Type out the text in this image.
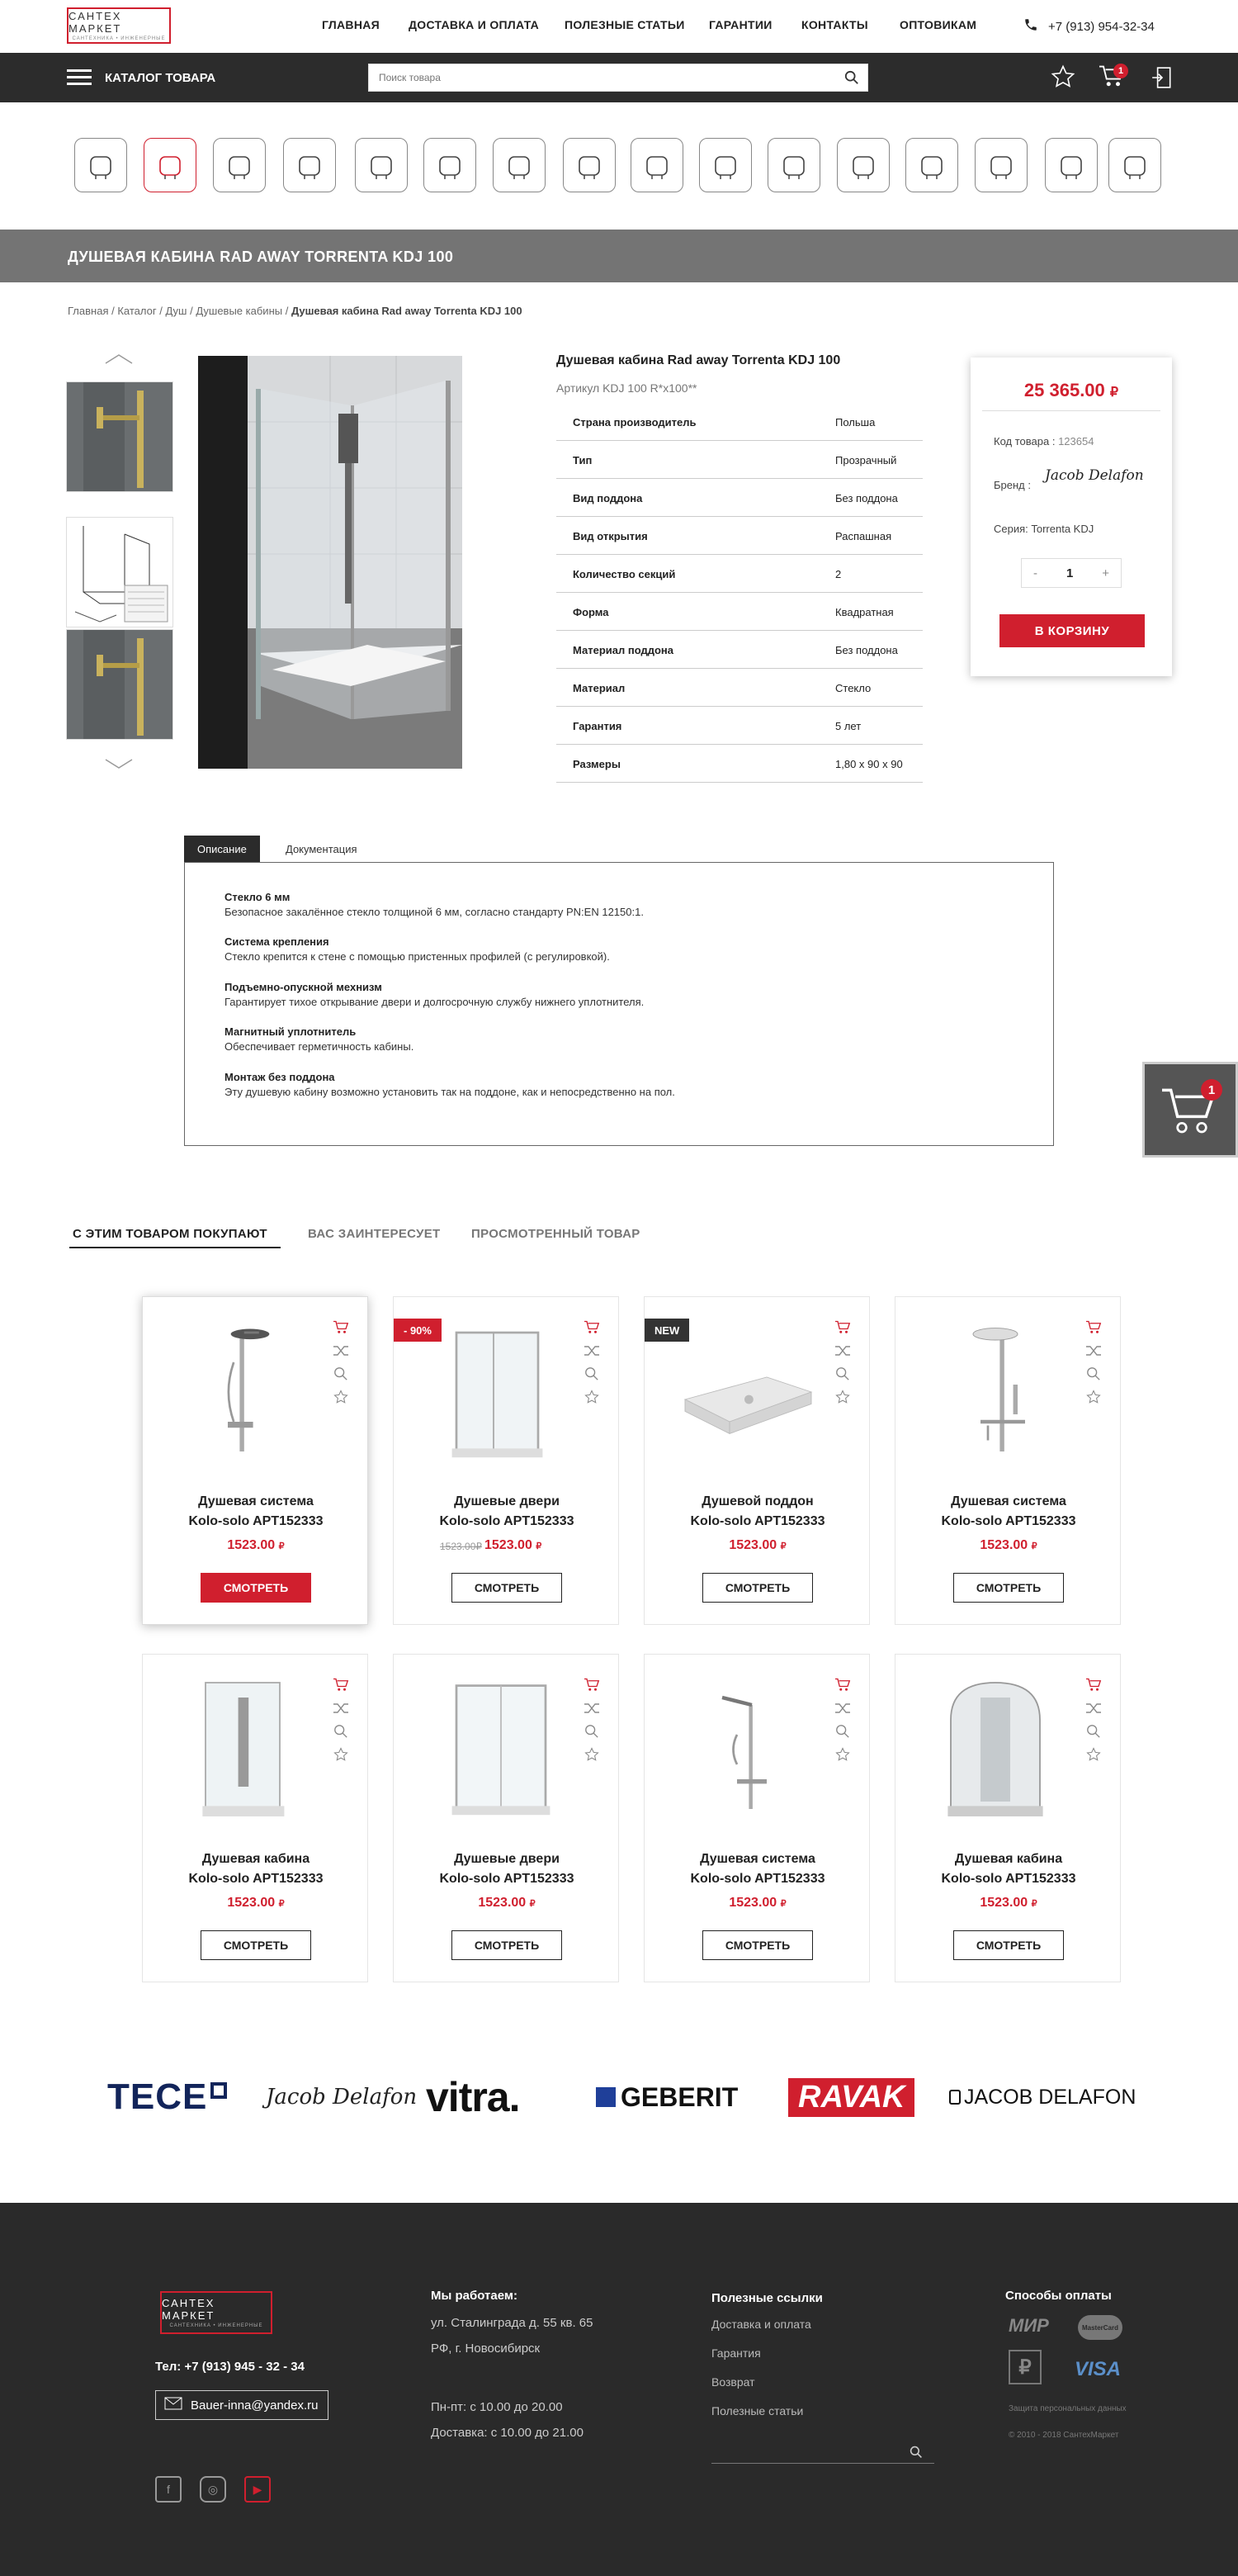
САНТЕХ МАРКЕТ
САНТЕХНИКА • ИНЖЕНЕРНЫЕ
ГЛАВНАЯ ДОСТАВКА И ОПЛАТА ПОЛЕЗНЫЕ СТАТЬИ ГАРАНТИИ	КОНТАКТЫ	ОПТОВИКАМ	+7 (913) 954-32-34
КАТАЛОГ ТОВАРА
Поиск товара	1
ДУШЕВАЯ КАБИНА RAD AWAY TORRENTA KDJ 100
Главная / Каталог / Душ / Душевые кабины / Душевая кабина Rad away Torrenta KDJ 100
Душевая кабина Rad away Torrenta KDJ 100
Артикул KDJ 100 R*x100**
Страна производитель	Польша
Тип	Прозрачный
Вид поддона	Без поддона
Вид открытия	Распашная
Количество секций	2
Форма	Квадратная
Материал поддона	Без поддона
Материал	Стекло
Гарантия	5 лет
Размеры	1,80 x 90 x 90
25 365.00 ₽
Код товара : 123654
Бренд :
Jacob Delafon
Серия: Torrenta KDJ
- 1 +
В КОРЗИНУ
Описание	Документация
Стекло 6 мм
Безопасное закалённое стекло толщиной 6 мм, согласно стандарту PN:EN 12150:1.
Система крепления
Стекло крепится к стене с помощью пристенных профилей (с регулировкой).
Подъемно-опускной мехнизм
Гарантирует тихое открывание двери и долгосрочную службу нижнего уплотнителя.
Магнитный уплотнитель
Обеспечивает герметичность кабины.
Монтаж без поддона
Эту душевую кабину возможно установить так на поддоне, как и непосредственно на пол.	1
С ЭТИМ ТОВАРОМ ПОКУПАЮТ	ВАС ЗАИНТЕРЕСУЕТ	ПРОСМОТРЕННЫЙ ТОВАР
Душевая система
Kolo-solo APT152333
1523.00 ₽
СМОТРЕТЬ
- 90%
Душевые двери
Kolo-solo APT152333
1523.00₽ 1523.00 ₽
СМОТРЕТЬ
NEW
Душевой поддон
Kolo-solo APT152333
1523.00 ₽
СМОТРЕТЬ
Душевая система
Kolo-solo APT152333
1523.00 ₽
СМОТРЕТЬ
Душевая кабина
Kolo-solo APT152333
1523.00 ₽
СМОТРЕТЬ
Душевые двери
Kolo-solo APT152333
1523.00 ₽
СМОТРЕТЬ
Душевая система
Kolo-solo APT152333
1523.00 ₽
СМОТРЕТЬ
Душевая кабина
Kolo-solo APT152333
1523.00 ₽
СМОТРЕТЬ
TECE	Jacob Delafon vitra.	GEBERIT	RAVAK	JACOB DELAFON
САНТЕХ МАРКЕТ
САНТЕХНИКА • ИНЖЕНЕРНЫЕ
Тел: +7 (913) 945 - 32 - 34
Bauer-inna@yandex.ru
f	◎	▶
Мы работаем:
ул. Сталинграда д. 55 кв. 65
РФ, г. Новосибирск
Пн-пт: с 10.00 до 20.00
Доставка: с 10.00 до 21.00
Полезные ссылки
Доставка и оплата
Гарантия
Возврат
Полезные статьи
Способы оплаты
МИР	MasterCard
₽	VISA
Защита персональных данных
© 2010 - 2018 СантехМаркет
